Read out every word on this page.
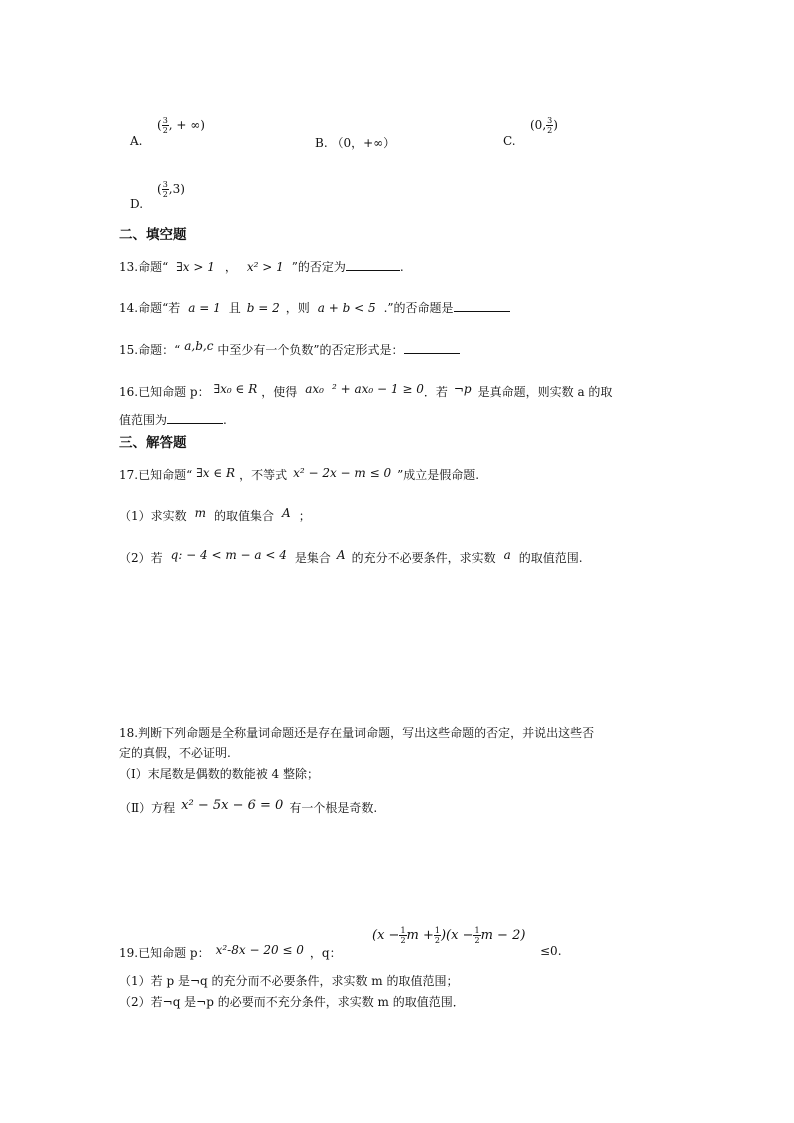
A.
( $\frac{3}{2}$ , + ∞)
B. （0，+∞）	C.
(0, $\frac{3}{2}$ )
D.
( $\frac{3}{2} ,3$)
二、填空题
13.命题“ ∃x > 1 ， x² > 1 ”的否定为	.
14.命题“若 a = 1 且 b = 2 ，则 a + b < 5 .”的否命题是
15.命题：“ a,b,c 中至少有一个负数”的否定形式是：
16.已知命题 p： ∃x₀ ∈ R ，使得 ax₀ ² + ax₀ − 1 ≥ 0．若 ¬p 是真命题，则实数 a 的取
值范围为	.
三、解答题
17.已知命题“ ∃x ∈ R ，不等式 x² − 2x − m ≤ 0 ”成立是假命题.
（1）求实数 m 的取值集合 A ；
（2）若 q: − 4 < m − a < 4 是集合 A 的充分不必要条件，求实数 a 的取值范围.
18.判断下列命题是全称量词命题还是存在量词命题，写出这些命题的否定，并说出这些否
定的真假，不必证明.
（Ⅰ）末尾数是偶数的数能被 4 整除；
（Ⅱ）方程 x² − 5x − 6 = 0 有一个根是奇数.
19.已知命题 p： x²-8x − 20 ≤ 0 ，q：
($x - \frac{1}{2}$ $m + \frac{1}{2} )(x - \frac{1}{2}$ m − 2)
≤0.
（1）若 p 是¬q 的充分而不必要条件，求实数 m 的取值范围；
（2）若¬q 是¬p 的必要而不充分条件，求实数 m 的取值范围．
